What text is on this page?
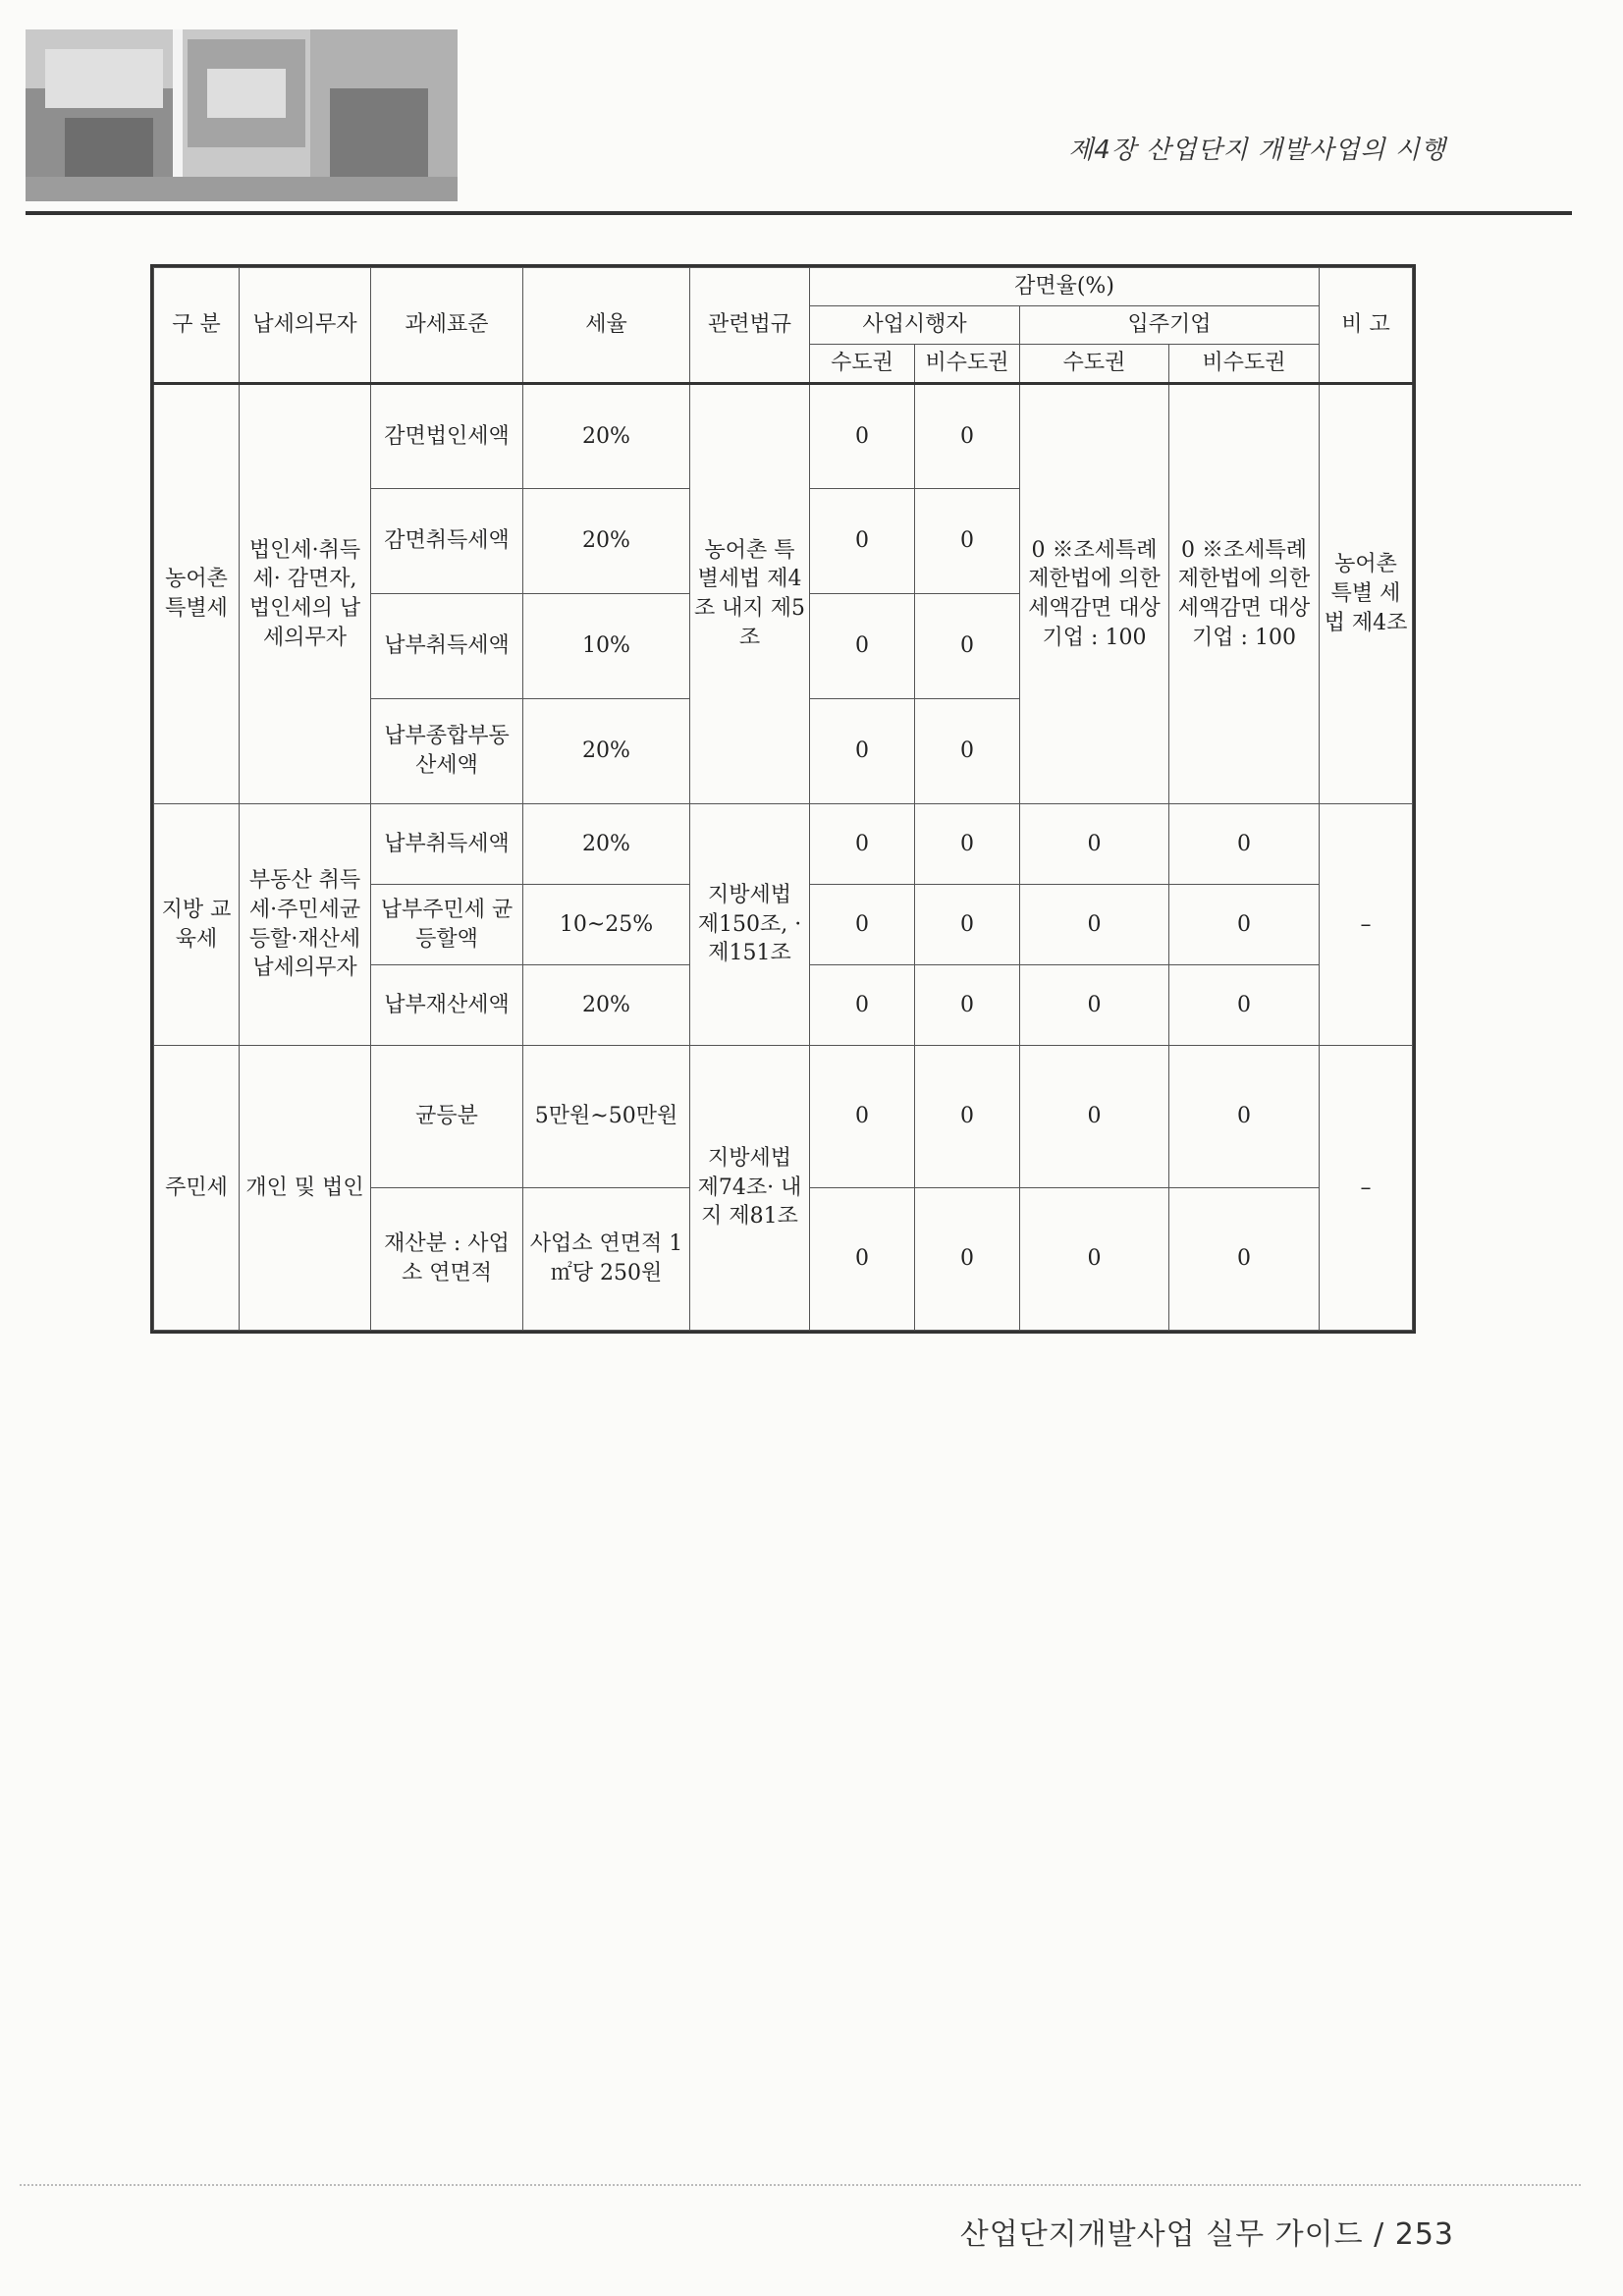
제4장 산업단지 개발사업의 시행
구 분	납세의무자	과세표준	세율	관련법규	감면율(%)				비 고
					사업시행자		입주기업		
					수도권	비수도권	수도권	비수도권	
농어촌 특별세	법인세·취득세· 감면자, 법인세의 납세의무자	감면법인세액	20%	농어촌 특별세법 제4조 내지 제5조	0	0	0 ※조세특례제한법에 의한 세액감면 대상 기업 : 100	0 ※조세특례제한법에 의한 세액감면 대상 기업 : 100	농어촌 특별 세법 제4조
		감면취득세액	20%		0	0			
		납부취득세액	10%		0	0			
		납부종합부동산세액	20%		0	0			
지방 교육세	부동산 취득세·주민세균등할·재산세 납세의무자	납부취득세액	20%	지방세법 제150조, ·제151조	0	0	0	0	–
		납부주민세 균등할액	10~25%		0	0	0	0	
		납부재산세액	20%		0	0	0	0	
주민세	개인 및 법인	균등분	5만원~50만원	지방세법 제74조· 내지 제81조	0	0	0	0	–
		재산분 : 사업소 연면적	사업소 연면적 1㎡당 250원		0	0	0	0	
산업단지개발사업 실무 가이드 / 253
